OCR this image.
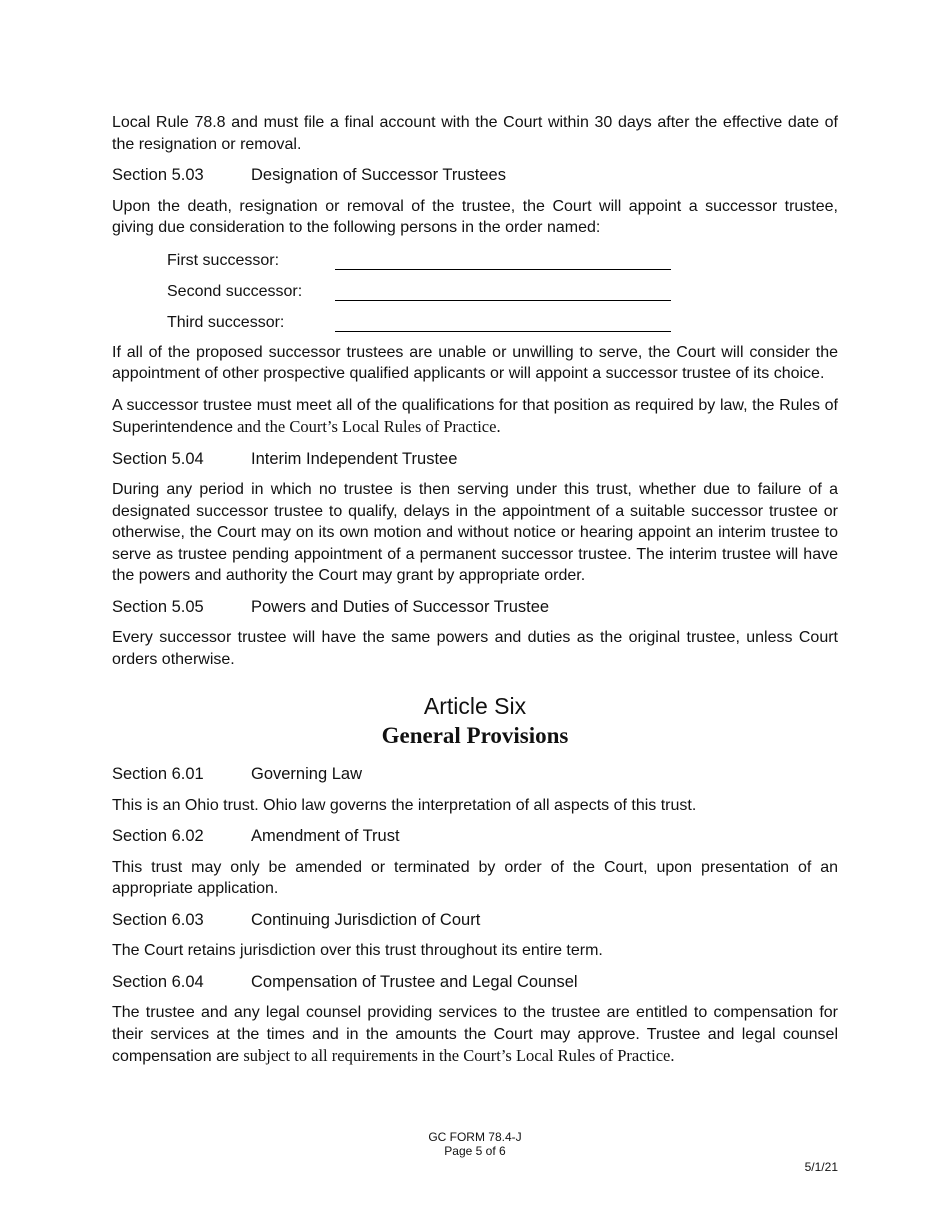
Local Rule 78.8 and must file a final account with the Court within 30 days after the effective date of the resignation or removal.

Section 5.03	Designation of Successor Trustees

Upon the death, resignation or removal of the trustee, the Court will appoint a successor trustee, giving due consideration to the following persons in the order named:

First successor:
Second successor:
Third successor:

If all of the proposed successor trustees are unable or unwilling to serve, the Court will consider the appointment of other prospective qualified applicants or will appoint a successor trustee of its choice.

A successor trustee must meet all of the qualifications for that position as required by law, the Rules of Superintendence and the Court’s Local Rules of Practice.

Section 5.04	Interim Independent Trustee

During any period in which no trustee is then serving under this trust, whether due to failure of a designated successor trustee to qualify, delays in the appointment of a suitable successor trustee or otherwise, the Court may on its own motion and without notice or hearing appoint an interim trustee to serve as trustee pending appointment of a permanent successor trustee. The interim trustee will have the powers and authority the Court may grant by appropriate order.

Section 5.05	Powers and Duties of Successor Trustee

Every successor trustee will have the same powers and duties as the original trustee, unless Court orders otherwise.

Article Six
General Provisions
Section 6.01	Governing Law

This is an Ohio trust. Ohio law governs the interpretation of all aspects of this trust.

Section 6.02	Amendment of Trust

This trust may only be amended or terminated by order of the Court, upon presentation of an appropriate application.

Section 6.03	Continuing Jurisdiction of Court

The Court retains jurisdiction over this trust throughout its entire term.

Section 6.04	Compensation of Trustee and Legal Counsel

The trustee and any legal counsel providing services to the trustee are entitled to compensation for their services at the times and in the amounts the Court may approve. Trustee and legal counsel compensation are subject to all requirements in the Court’s Local Rules of Practice.

GC FORM 78.4-J
Page 5 of 6
5/1/21
